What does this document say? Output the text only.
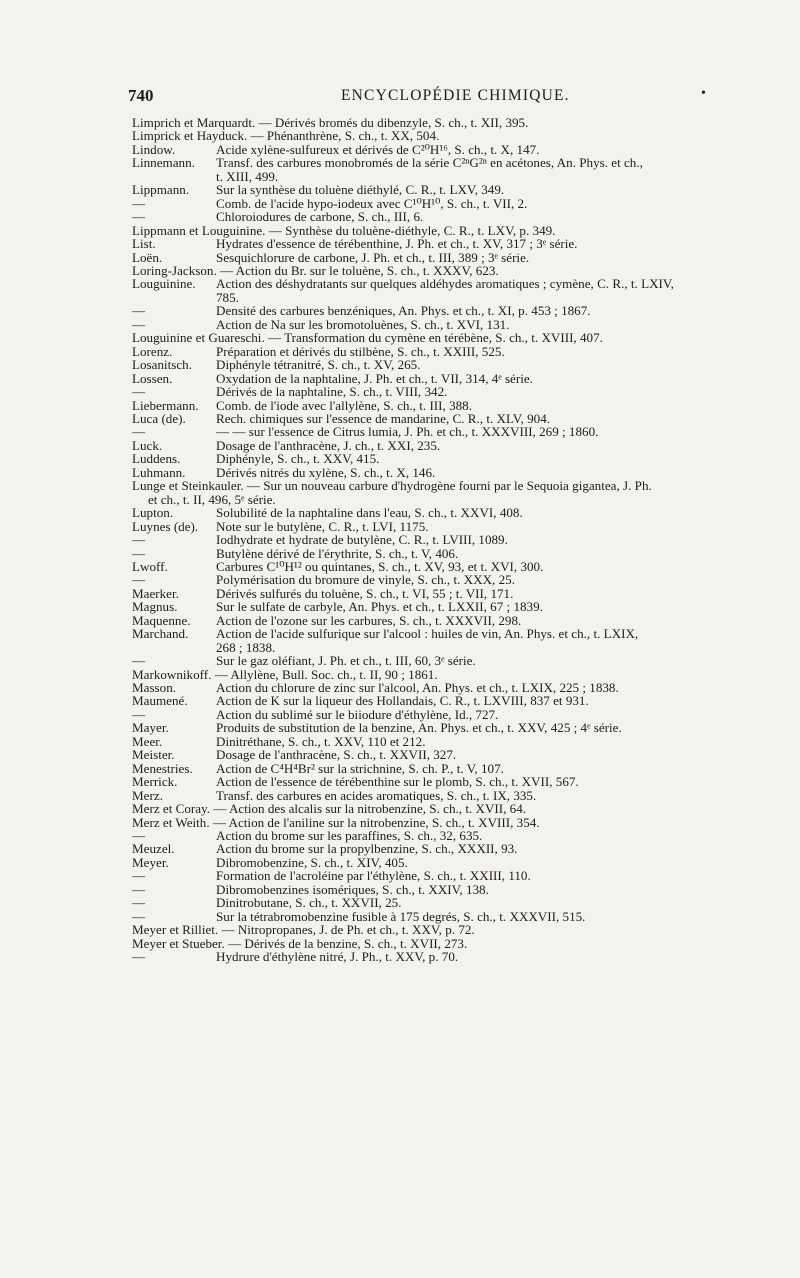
740	ENCYCLOPÉDIE CHIMIQUE.	•
Limprich et Marquardt. — Dérivés bromés du dibenzyle, S. ch., t. XII, 395.
Limprick et Hayduck. — Phénanthrène, S. ch., t. XX, 504.
Lindow.	Acide xylène-sulfureux et dérivés de C²⁰H¹⁶, S. ch., t. X, 147.
Linnemann. Transf. des carbures monobromés de la série C²ⁿG²ⁿ en acétones, An. Phys. et ch.,
t. XIII, 499.
Lippmann. Sur la synthèse du toluène diéthylé, C. R., t. LXV, 349.
—	Comb. de l'acide hypo-iodeux avec C¹⁰H¹⁰, S. ch., t. VII, 2.
—	Chloroiodures de carbone, S. ch., III, 6.
Lippmann et Louguinine. — Synthèse du toluène-diéthyle, C. R., t. LXV, p. 349.
List.	Hydrates d'essence de térébenthine, J. Ph. et ch., t. XV, 317 ; 3ᵉ série.
Loën.	Sesquichlorure de carbone, J. Ph. et ch., t. III, 389 ; 3ᵉ série.
Loring-Jackson. — Action du Br. sur le toluène, S. ch., t. XXXV, 623.
Louguinine. Action des déshydratants sur quelques aldéhydes aromatiques ; cymène, C. R., t. LXIV,
785.
—	Densité des carbures benzéniques, An. Phys. et ch., t. XI, p. 453 ; 1867.
—	Action de Na sur les bromotoluènes, S. ch., t. XVI, 131.
Louguinine et Guareschi. — Transformation du cymène en térébène, S. ch., t. XVIII, 407.
Lorenz.	Préparation et dérivés du stilbène, S. ch., t. XXIII, 525.
Losanitsch. Diphényle tétranitré, S. ch., t. XV, 265.
Lossen.	Oxydation de la naphtaline, J. Ph. et ch., t. VII, 314, 4ᵉ série.
—	Dérivés de la naphtaline, S. ch., t. VIII, 342.
Liebermann. Comb. de l'iode avec l'allylène, S. ch., t. III, 388.
Luca (de). Rech. chimiques sur l'essence de mandarine, C. R., t. XLV, 904.
—	— — sur l'essence de Citrus lumia, J. Ph. et ch., t. XXXVIII, 269 ; 1860.
Luck.	Dosage de l'anthracène, J. ch., t. XXI, 235.
Luddens.	Diphényle, S. ch., t. XXV, 415.
Luhmann. Dérivés nitrés du xylène, S. ch., t. X, 146.
Lunge et Steinkauler. — Sur un nouveau carbure d'hydrogène fourni par le Sequoia gigantea, J. Ph.
et ch., t. II, 496, 5ᵉ série.
Lupton.	Solubilité de la naphtaline dans l'eau, S. ch., t. XXVI, 408.
Luynes (de). Note sur le butylène, C. R., t. LVI, 1175.
—	Iodhydrate et hydrate de butylène, C. R., t. LVIII, 1089.
—	Butylène dérivé de l'érythrite, S. ch., t. V, 406.
Lwoff.	Carbures C¹⁰H¹² ou quintanes, S. ch., t. XV, 93, et t. XVI, 300.
—	Polymérisation du bromure de vinyle, S. ch., t. XXX, 25.
Maerker.	Dérivés sulfurés du toluène, S. ch., t. VI, 55 ; t. VII, 171.
Magnus.	Sur le sulfate de carbyle, An. Phys. et ch., t. LXXII, 67 ; 1839.
Maquenne. Action de l'ozone sur les carbures, S. ch., t. XXXVII, 298.
Marchand. Action de l'acide sulfurique sur l'alcool : huiles de vin, An. Phys. et ch., t. LXIX,
268 ; 1838.
—	Sur le gaz oléfiant, J. Ph. et ch., t. III, 60, 3ᵉ série.
Markownikoff. — Allylène, Bull. Soc. ch., t. II, 90 ; 1861.
Masson.	Action du chlorure de zinc sur l'alcool, An. Phys. et ch., t. LXIX, 225 ; 1838.
Maumené. Action de K sur la liqueur des Hollandais, C. R., t. LXVIII, 837 et 931.
—	Action du sublimé sur le biiodure d'éthylène, Id., 727.
Mayer.	Produits de substitution de la benzine, An. Phys. et ch., t. XXV, 425 ; 4ᵉ série.
Meer.	Dinitréthane, S. ch., t. XXV, 110 et 212.
Meister.	Dosage de l'anthracène, S. ch., t. XXVII, 327.
Menestries. Action de C⁴H⁴Br² sur la strichnine, S. ch. P., t. V, 107.
Merrick.	Action de l'essence de térébenthine sur le plomb, S. ch., t. XVII, 567.
Merz.	Transf. des carbures en acides aromatiques, S. ch., t. IX, 335.
Merz et Coray. — Action des alcalis sur la nitrobenzine, S. ch., t. XVII, 64.
Merz et Weith. — Action de l'aniline sur la nitrobenzine, S. ch., t. XVIII, 354.
—	Action du brome sur les paraffines, S. ch., 32, 635.
Meuzel.	Action du brome sur la propylbenzine, S. ch., XXXII, 93.
Meyer.	Dibromobenzine, S. ch., t. XIV, 405.
—	Formation de l'acroléine par l'éthylène, S. ch., t. XXIII, 110.
—	Dibromobenzines isomériques, S. ch., t. XXIV, 138.
—	Dinitrobutane, S. ch., t. XXVII, 25.
—	Sur la tétrabromobenzine fusible à 175 degrés, S. ch., t. XXXVII, 515.
Meyer et Rilliet. — Nitropropanes, J. de Ph. et ch., t. XXV, p. 72.
Meyer et Stueber. — Dérivés de la benzine, S. ch., t. XVII, 273.
—	Hydrure d'éthylène nitré, J. Ph., t. XXV, p. 70.
